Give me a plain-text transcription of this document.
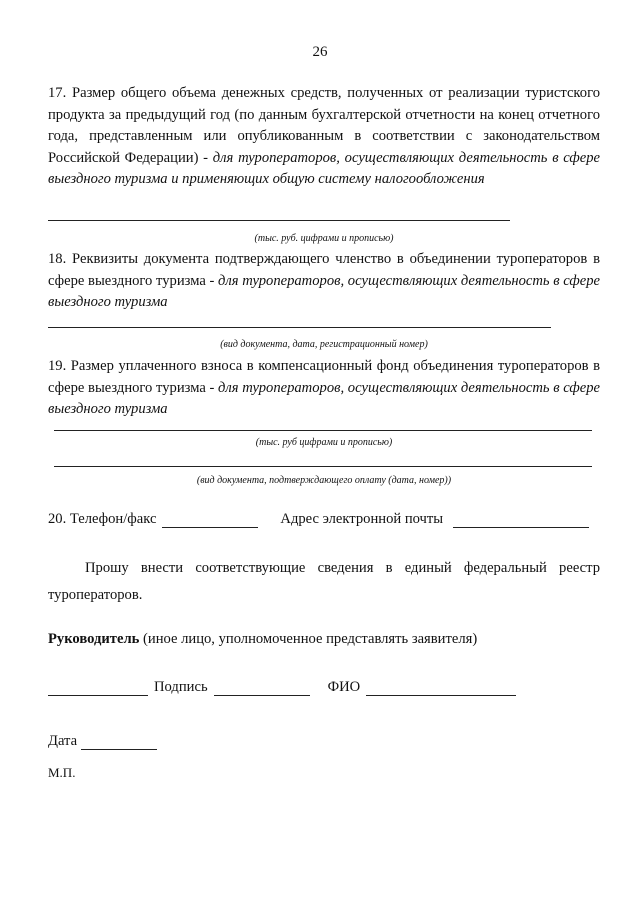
26
17. Размер общего объема денежных средств, полученных от реализации туристского продукта за предыдущий год (по данным бухгалтерской отчетности на конец отчетного года, представленным или опубликованным в соответствии с законодательством Российской Федерации) - для туроператоров, осуществляющих деятельность в сфере выездного туризма и применяющих общую систему налогообложения
(тыс. руб. цифрами и прописью)
18. Реквизиты документа подтверждающего членство в объединении туроператоров в сфере выездного туризма - для туроператоров, осуществляющих деятельность в сфере выездного туризма
(вид документа, дата, регистрационный номер)
19. Размер уплаченного взноса в компенсационный фонд объединения туроператоров в сфере выездного туризма - для туроператоров, осуществляющих деятельность в сфере выездного туризма
(тыс. руб цифрами и прописью)
(вид документа, подтверждающего оплату (дата, номер))
20. Телефон/факс	Адрес электронной почты
Прошу внести соответствующие сведения в единый федеральный реестр туроператоров.
Руководитель (иное лицо, уполномоченное представлять заявителя)
Подпись	ФИО
Дата
М.П.
